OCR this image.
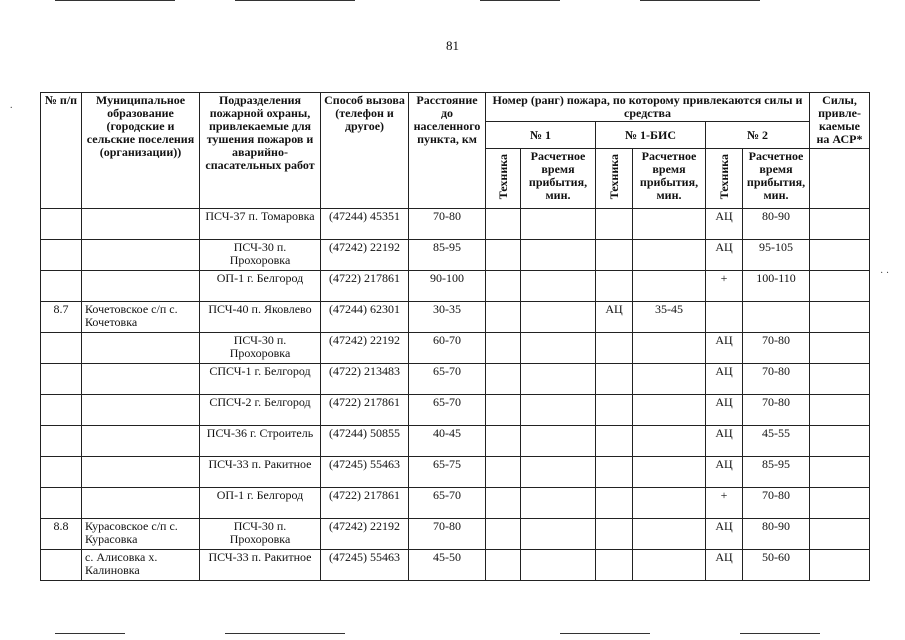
81
.
· ·
№ п/п	Муниципальное образование (городские и сельские поселения (организации))	Подразделения пожарной охраны, привлекаемые для тушения пожаров и аварийно-спасательных работ	Способ вызова (телефон и другое)	Расстояние до населенного пункта, км	Номер (ранг) пожара, по которому привлекаются силы и средства						Силы, привле-каемые на АСР*
					№ 1		№ 1-БИС		№ 2		
					Техника	Расчетное время прибытия, мин.	Техника	Расчетное время прибытия, мин.	Техника	Расчетное время прибытия, мин.	
		ПСЧ-37 п. Томаровка	(47244) 45351	70-80					АЦ	80-90	
		ПСЧ-30 п. Прохоровка	(47242) 22192	85-95					АЦ	95-105	
		ОП-1 г. Белгород	(4722) 217861	90-100					+	100-110	
8.7	Кочетовское с/п с. Кочетовка	ПСЧ-40 п. Яковлево	(47244) 62301	30-35			АЦ	35-45			
		ПСЧ-30 п. Прохоровка	(47242) 22192	60-70					АЦ	70-80	
		СПСЧ-1 г. Белгород	(4722) 213483	65-70					АЦ	70-80	
		СПСЧ-2 г. Белгород	(4722) 217861	65-70					АЦ	70-80	
		ПСЧ-36 г. Строитель	(47244) 50855	40-45					АЦ	45-55	
		ПСЧ-33 п. Ракитное	(47245) 55463	65-75					АЦ	85-95	
		ОП-1 г. Белгород	(4722) 217861	65-70					+	70-80	
8.8	Курасовское с/п с. Курасовка	ПСЧ-30 п. Прохоровка	(47242) 22192	70-80					АЦ	80-90	
	с. Алисовка х. Калиновка	ПСЧ-33 п. Ракитное	(47245) 55463	45-50					АЦ	50-60	
